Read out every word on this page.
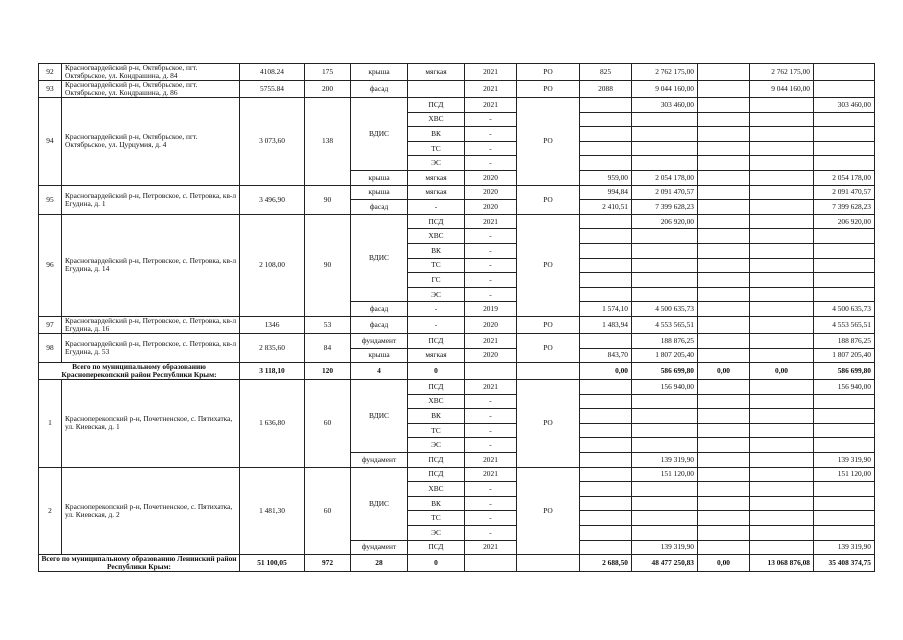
92	Красногвардейский р-н, Октябрьское, пгт. Октябрьское, ул. Кондрашина, д. 84	4108.24	175	крыша	мягкая	2021	РО	825	2 762 175,00		2 762 175,00	
93	Красногвардейский р-н, Октябрьское, пгт. Октябрьское, ул. Кондрашина, д. 86	5755.84	200	фасад		2021	РО	2088	9 044 160,00		9 044 160,00	
94	Красногвардейский р-н, Октябрьское, пгт. Октябрьское, ул. Цурцумия, д. 4	3 073,60	138	ВДИС	ПСД	2021	РО		303 460,00			303 460,00
					ХВС	-						
					ВК	-						
					ТС	-						
					ЭС	-						
				крыша	мягкая	2020		959,00	2 054 178,00			2 054 178,00
95	Красногвардейский р-н, Петровское, с. Петровка, кв-л Егудина, д. 1	3 496,90	90	крыша	мягкая	2020	РО	994,84	2 091 470,57			2 091 470,57
				фасад	-	2020		2 410,51	7 399 628,23			7 399 628,23
96	Красногвардейский р-н, Петровское, с. Петровка, кв-л Егудина, д. 14	2 108,00	90	ВДИС	ПСД	2021	РО		206 920,00			206 920,00
					ХВС	-						
					ВК	-						
					ТС	-						
					ГС	-						
					ЭС	-						
				фасад	-	2019		1 574,10	4 500 635,73			4 500 635,73
97	Красногвардейский р-н, Петровское, с. Петровка, кв-л Егудина, д. 16	1346	53	фасад	-	2020	РО	1 483,94	4 553 565,51			4 553 565,51
98	Красногвардейский р-н, Петровское, с. Петровка, кв-л Егудина, д. 53	2 835,60	84	фундамент	ПСД	2021	РО		188 876,25			188 876,25
				крыша	мягкая	2020		843,70	1 807 205,40			1 807 205,40
Всего по муниципальному образованию Красноперекопский район Республики Крым:		3 118,10	120	4	0			0,00	586 699,80	0,00	0,00	586 699,80
1	Красноперекопский р-н, Почетненское, с. Пятихатка, ул. Киевская, д. 1	1 636,80	60	ВДИС	ПСД	2021	РО		156 940,00			156 940,00
					ХВС	-						
					ВК	-						
					ТС	-						
					ЭС	-						
				фундамент	ПСД	2021			139 319,90			139 319,90
2	Красноперекопский р-н, Почетненское, с. Пятихатка, ул. Киевская, д. 2	1 481,30	60	ВДИС	ПСД	2021	РО		151 120,00			151 120,00
					ХВС	-						
					ВК	-						
					ТС	-						
					ЭС	-						
				фундамент	ПСД	2021			139 319,90			139 319,90
Всего по муниципальному образованию Ленинский район Республики Крым:		51 100,05	972	28	0			2 688,50	48 477 250,83	0,00	13 068 876,08	35 408 374,75
